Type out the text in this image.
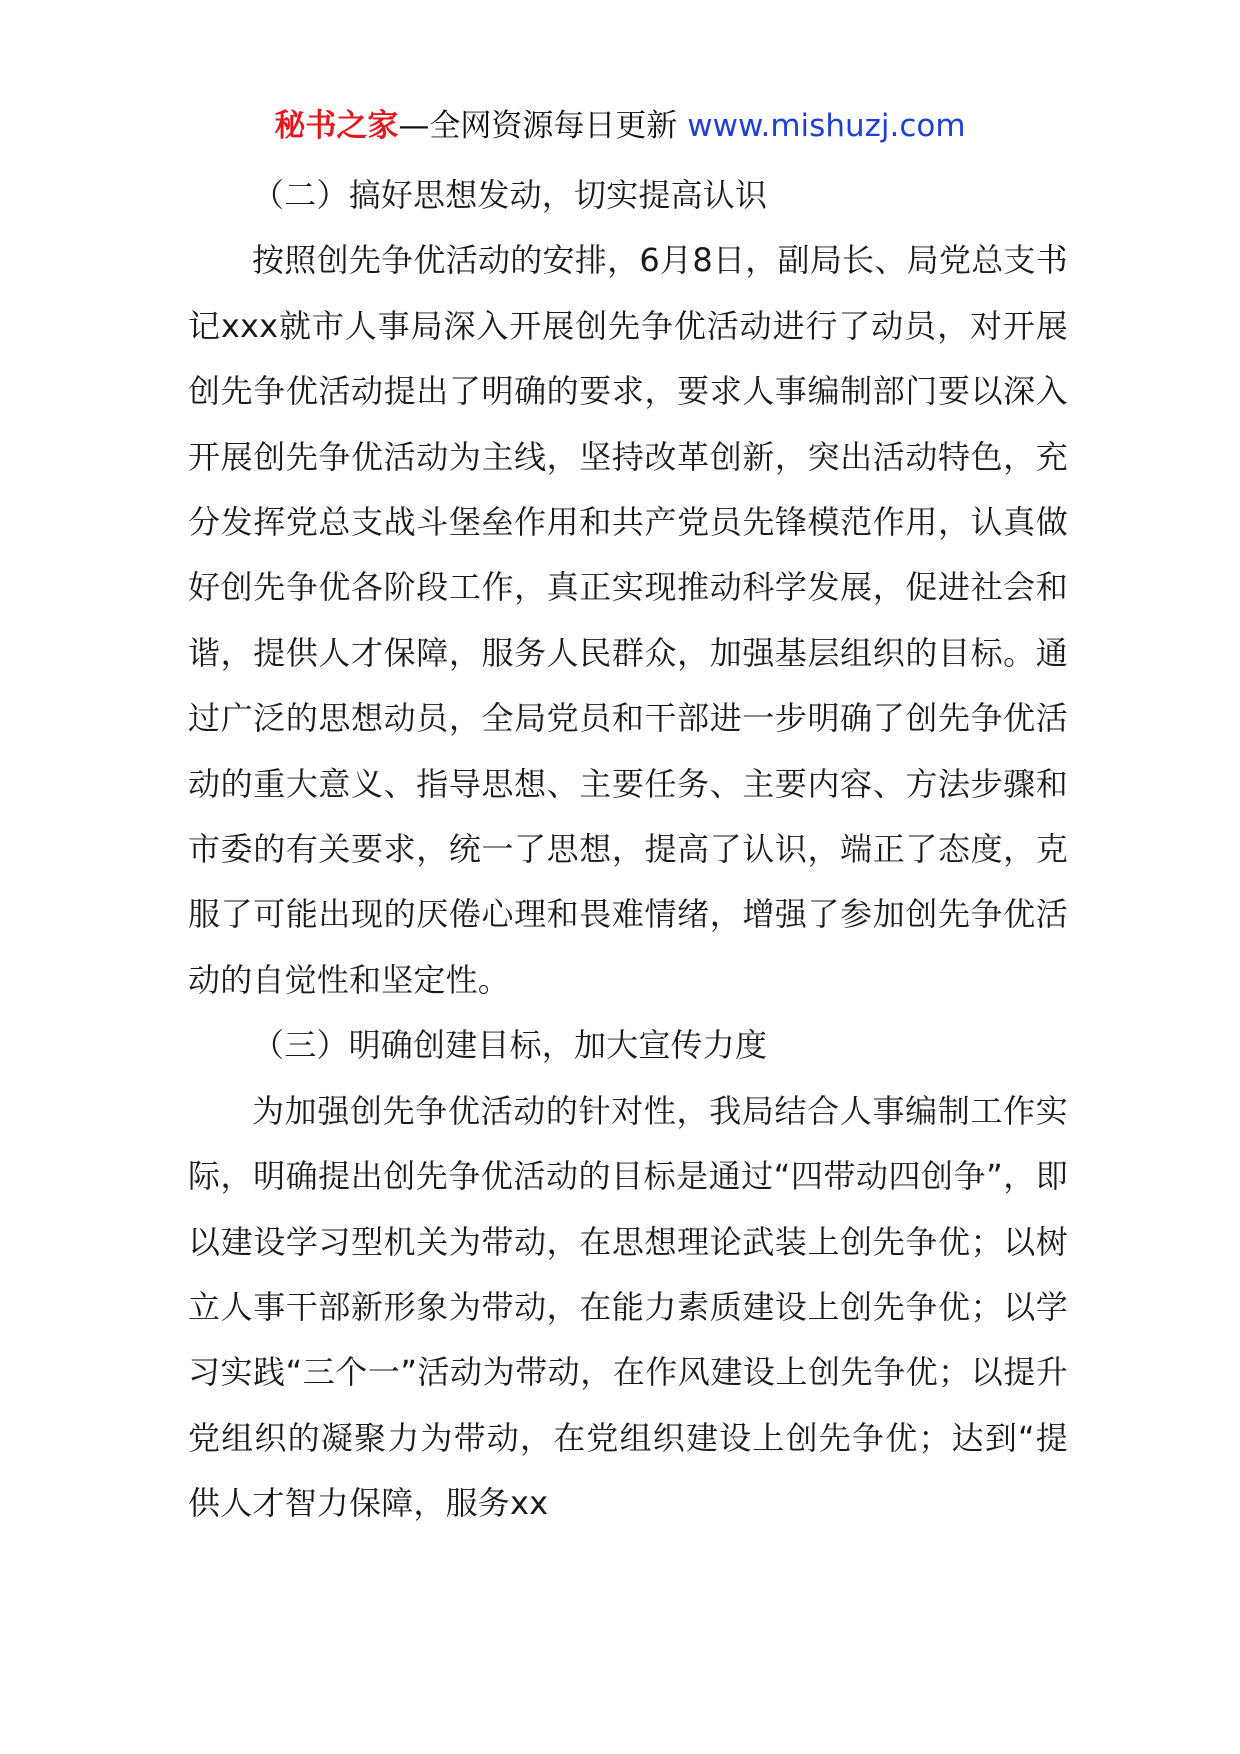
秘书之家—全网资源每日更新 www.mishuzj.com

（二）搞好思想发动，切实提高认识

按照创先争优活动的安排，6月8日，副局长、局党总支书记xxx就市人事局深入开展创先争优活动进行了动员，对开展创先争优活动提出了明确的要求，要求人事编制部门要以深入开展创先争优活动为主线，坚持改革创新，突出活动特色，充分发挥党总支战斗堡垒作用和共产党员先锋模范作用，认真做好创先争优各阶段工作，真正实现推动科学发展，促进社会和谐，提供人才保障，服务人民群众，加强基层组织的目标。通过广泛的思想动员，全局党员和干部进一步明确了创先争优活动的重大意义、指导思想、主要任务、主要内容、方法步骤和市委的有关要求，统一了思想，提高了认识，端正了态度，克服了可能出现的厌倦心理和畏难情绪，增强了参加创先争优活动的自觉性和坚定性。

（三）明确创建目标，加大宣传力度

为加强创先争优活动的针对性，我局结合人事编制工作实际，明确提出创先争优活动的目标是通过“四带动四创争”，即以建设学习型机关为带动，在思想理论武装上创先争优；以树立人事干部新形象为带动，在能力素质建设上创先争优；以学习实践“三个一”活动为带动，在作风建设上创先争优；以提升党组织的凝聚力为带动，在党组织建设上创先争优；达到“提供人才智力保障，服务xx
